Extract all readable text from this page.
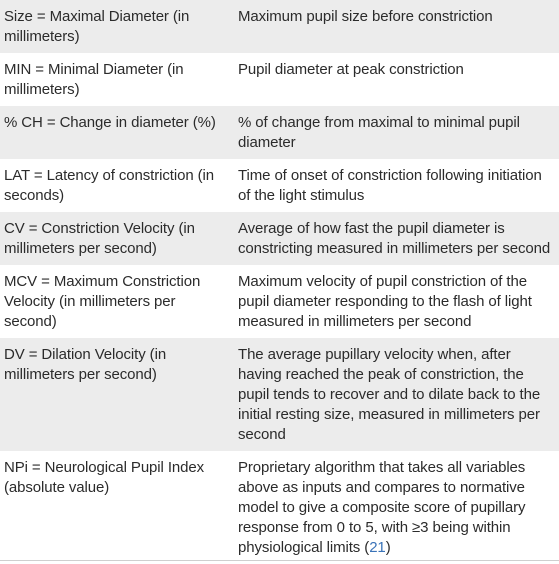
Size = Maximal Diameter (in millimeters)
Maximum pupil size before constriction
MIN = Minimal Diameter (in millimeters)
Pupil diameter at peak constriction
% CH = Change in diameter (%)	% of change from maximal to minimal pupil diameter
LAT = Latency of constriction (in seconds)
Time of onset of constriction following initiation of the light stimulus
CV = Constriction Velocity (in millimeters per second)
Average of how fast the pupil diameter is constricting measured in millimeters per second
MCV = Maximum Constriction Velocity (in millimeters per second)
Maximum velocity of pupil constriction of the pupil diameter responding to the flash of light measured in millimeters per second
DV = Dilation Velocity (in millimeters per second)
The average pupillary velocity when, after having reached the peak of constriction, the pupil tends to recover and to dilate back to the initial resting size, measured in millimeters per second
NPi = Neurological Pupil Index (absolute value)
Proprietary algorithm that takes all variables above as inputs and compares to normative model to give a composite score of pupillary response from 0 to 5, with ≥3 being within physiological limits (21)
